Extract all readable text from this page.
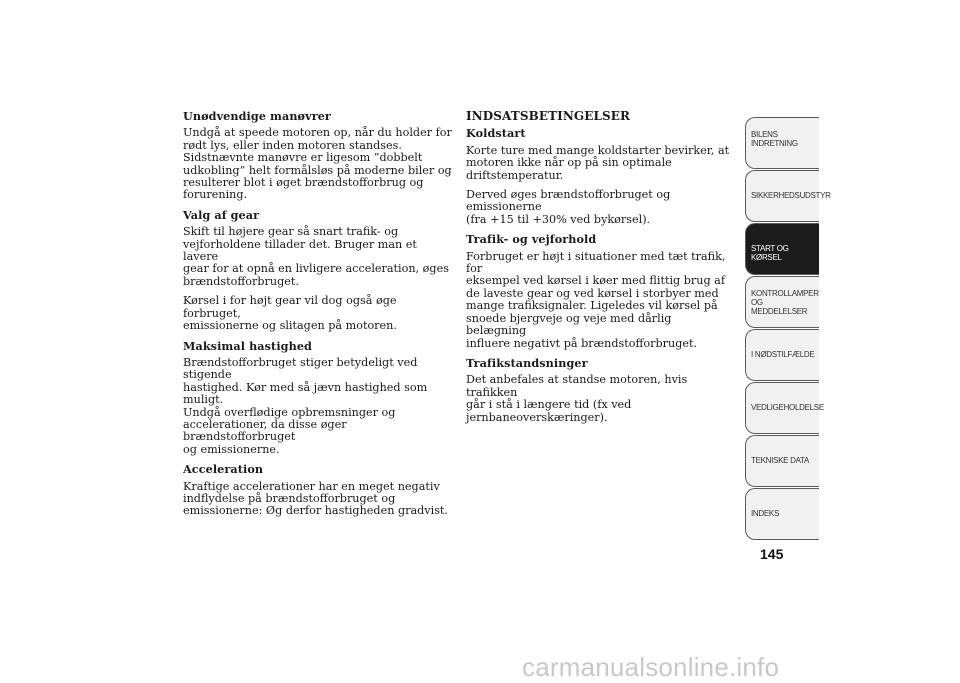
Unødvendige manøvrer
Undgå at speede motoren op, når du holder for
rødt lys, eller inden motoren standses.
Sidstnævnte manøvre er ligesom ”dobbelt
udkobling” helt formålsløs på moderne biler og
resulterer blot i øget brændstofforbrug og
forurening.
Valg af gear
Skift til højere gear så snart trafik- og
vejforholdene tillader det. Bruger man et lavere
gear for at opnå en livligere acceleration, øges
brændstofforbruget.
Kørsel i for højt gear vil dog også øge forbruget,
emissionerne og slitagen på motoren.
Maksimal hastighed
Brændstofforbruget stiger betydeligt ved stigende
hastighed. Kør med så jævn hastighed som muligt.
Undgå overflødige opbremsninger og
accelerationer, da disse øger brændstofforbruget
og emissionerne.
Acceleration
Kraftige accelerationer har en meget negativ
indflydelse på brændstofforbruget og
emissionerne: Øg derfor hastigheden gradvist.
INDSATSBETINGELSER
Koldstart
Korte ture med mange koldstarter bevirker, at
motoren ikke når op på sin optimale
driftstemperatur.
Derved øges brændstofforbruget og emissionerne
(fra +15 til +30% ved bykørsel).
Trafik- og vejforhold
Forbruget er højt i situationer med tæt trafik, for
eksempel ved kørsel i køer med flittig brug af
de laveste gear og ved kørsel i storbyer med
mange trafiksignaler. Ligeledes vil kørsel på
snoede bjergveje og veje med dårlig belægning
influere negativt på brændstofforbruget.
Trafikstandsninger
Det anbefales at standse motoren, hvis trafikken
går i stå i længere tid (fx ved
jernbaneoverskæringer).
BILENS
INDRETNING
SIKKERHEDSUDSTYR
START OG KØRSEL
KONTROLLAMPER
OG MEDDELELSER
I NØDSTILFÆLDE
VEDLIGEHOLDELSE
TEKNISKE DATA
INDEKS
145
carmanualsonline.info
